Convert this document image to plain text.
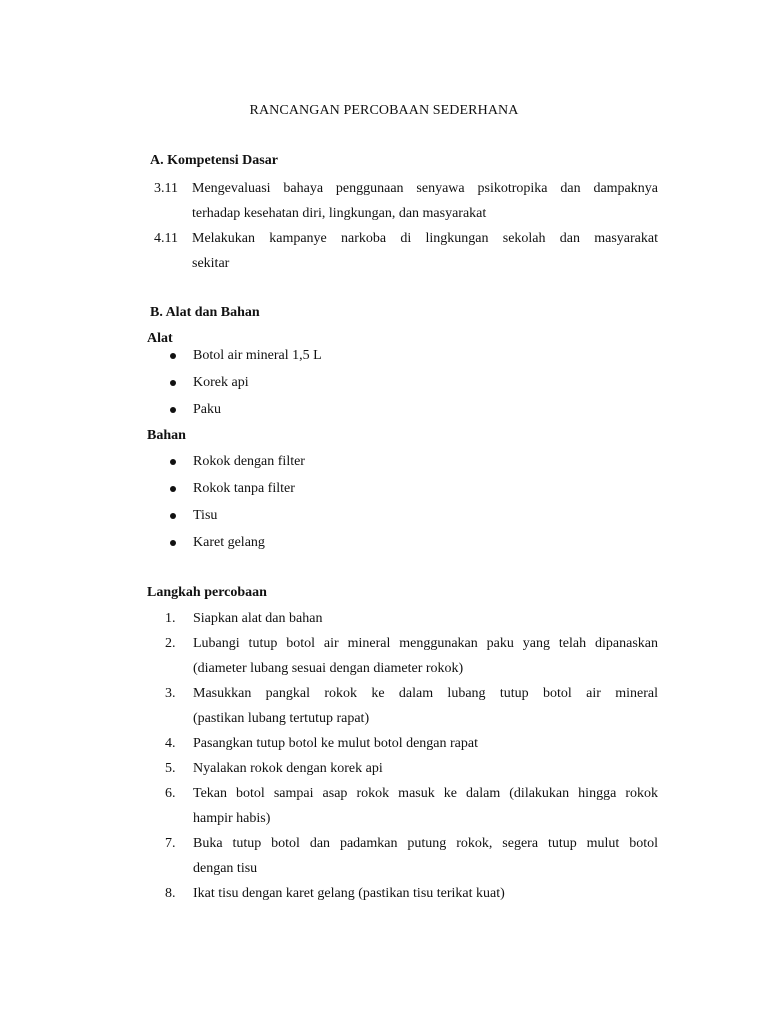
RANCANGAN PERCOBAAN SEDERHANA
A. Kompetensi Dasar
3.11 Mengevaluasi bahaya penggunaan senyawa psikotropika dan dampaknya
terhadap kesehatan diri, lingkungan, dan masyarakat
4.11 Melakukan kampanye narkoba di lingkungan sekolah dan masyarakat
sekitar
B. Alat dan Bahan
Alat
Botol air mineral 1,5 L
Korek api
Paku
Bahan
Rokok dengan filter
Rokok tanpa filter
Tisu
Karet gelang
Langkah percobaan
1. Siapkan alat dan bahan
2. Lubangi tutup botol air mineral menggunakan paku yang telah dipanaskan
(diameter lubang sesuai dengan diameter rokok)
3. Masukkan pangkal rokok ke dalam lubang tutup botol air mineral
(pastikan lubang tertutup rapat)
4. Pasangkan tutup botol ke mulut botol dengan rapat
5. Nyalakan rokok dengan korek api
6. Tekan botol sampai asap rokok masuk ke dalam (dilakukan hingga rokok
hampir habis)
7. Buka tutup botol dan padamkan putung rokok, segera tutup mulut botol
dengan tisu
8. Ikat tisu dengan karet gelang (pastikan tisu terikat kuat)
